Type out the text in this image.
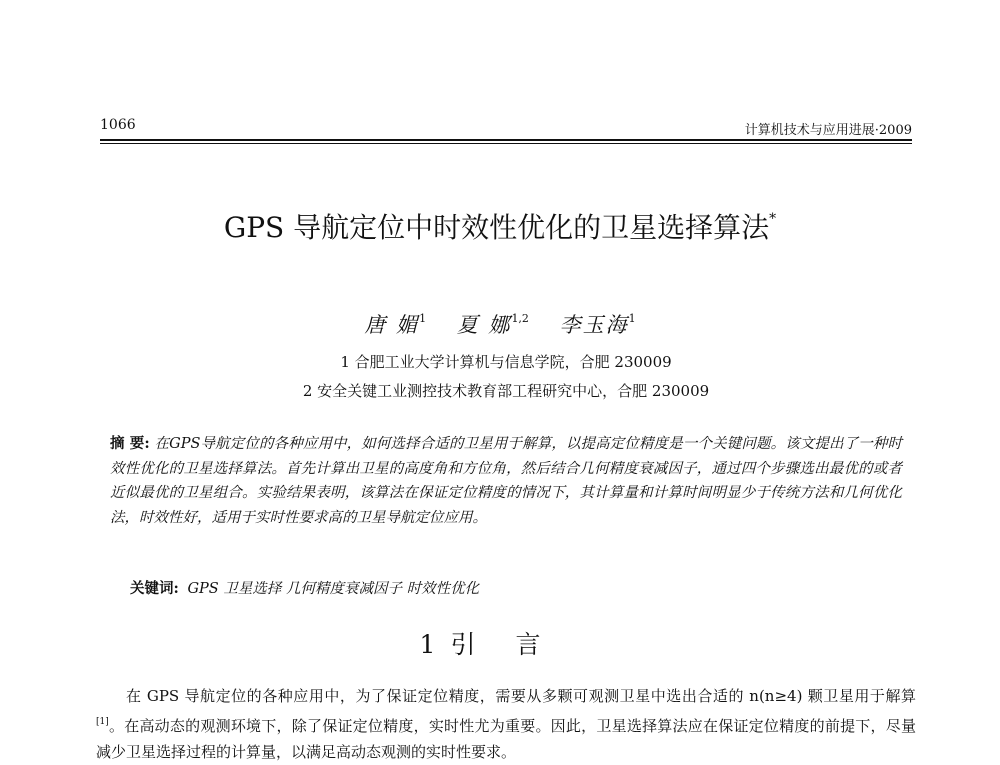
1066	计算机技术与应用进展·2009
GPS 导航定位中时效性优化的卫星选择算法*
唐 媚$^1$ 夏 娜$^{1,2}$ 李玉海$^1$
1 合肥工业大学计算机与信息学院，合肥 230009
2 安全关键工业测控技术教育部工程研究中心，合肥 230009
摘 要: 在GPS导航定位的各种应用中，如何选择合适的卫星用于解算，以提高定位精度是一个关键问题。该文提出了一种时效性优化的卫星选择算法。首先计算出卫星的高度角和方位角，然后结合几何精度衰减因子，通过四个步骤选出最优的或者近似最优的卫星组合。实验结果表明，该算法在保证定位精度的情况下，其计算量和计算时间明显少于传统方法和几何优化法，时效性好，适用于实时性要求高的卫星导航定位应用。
关键词: GPS 卫星选择 几何精度衰减因子 时效性优化
1 引言
在 GPS 导航定位的各种应用中，为了保证定位精度，需要从多颗可观测卫星中选出合适的 n(n≥4) 颗卫星用于解算[1]。在高动态的观测环境下，除了保证定位精度，实时性尤为重要。因此，卫星选择算法应在保证定位精度的前提下，尽量减少卫星选择过程的计算量，以满足高动态观测的实时性要求。
